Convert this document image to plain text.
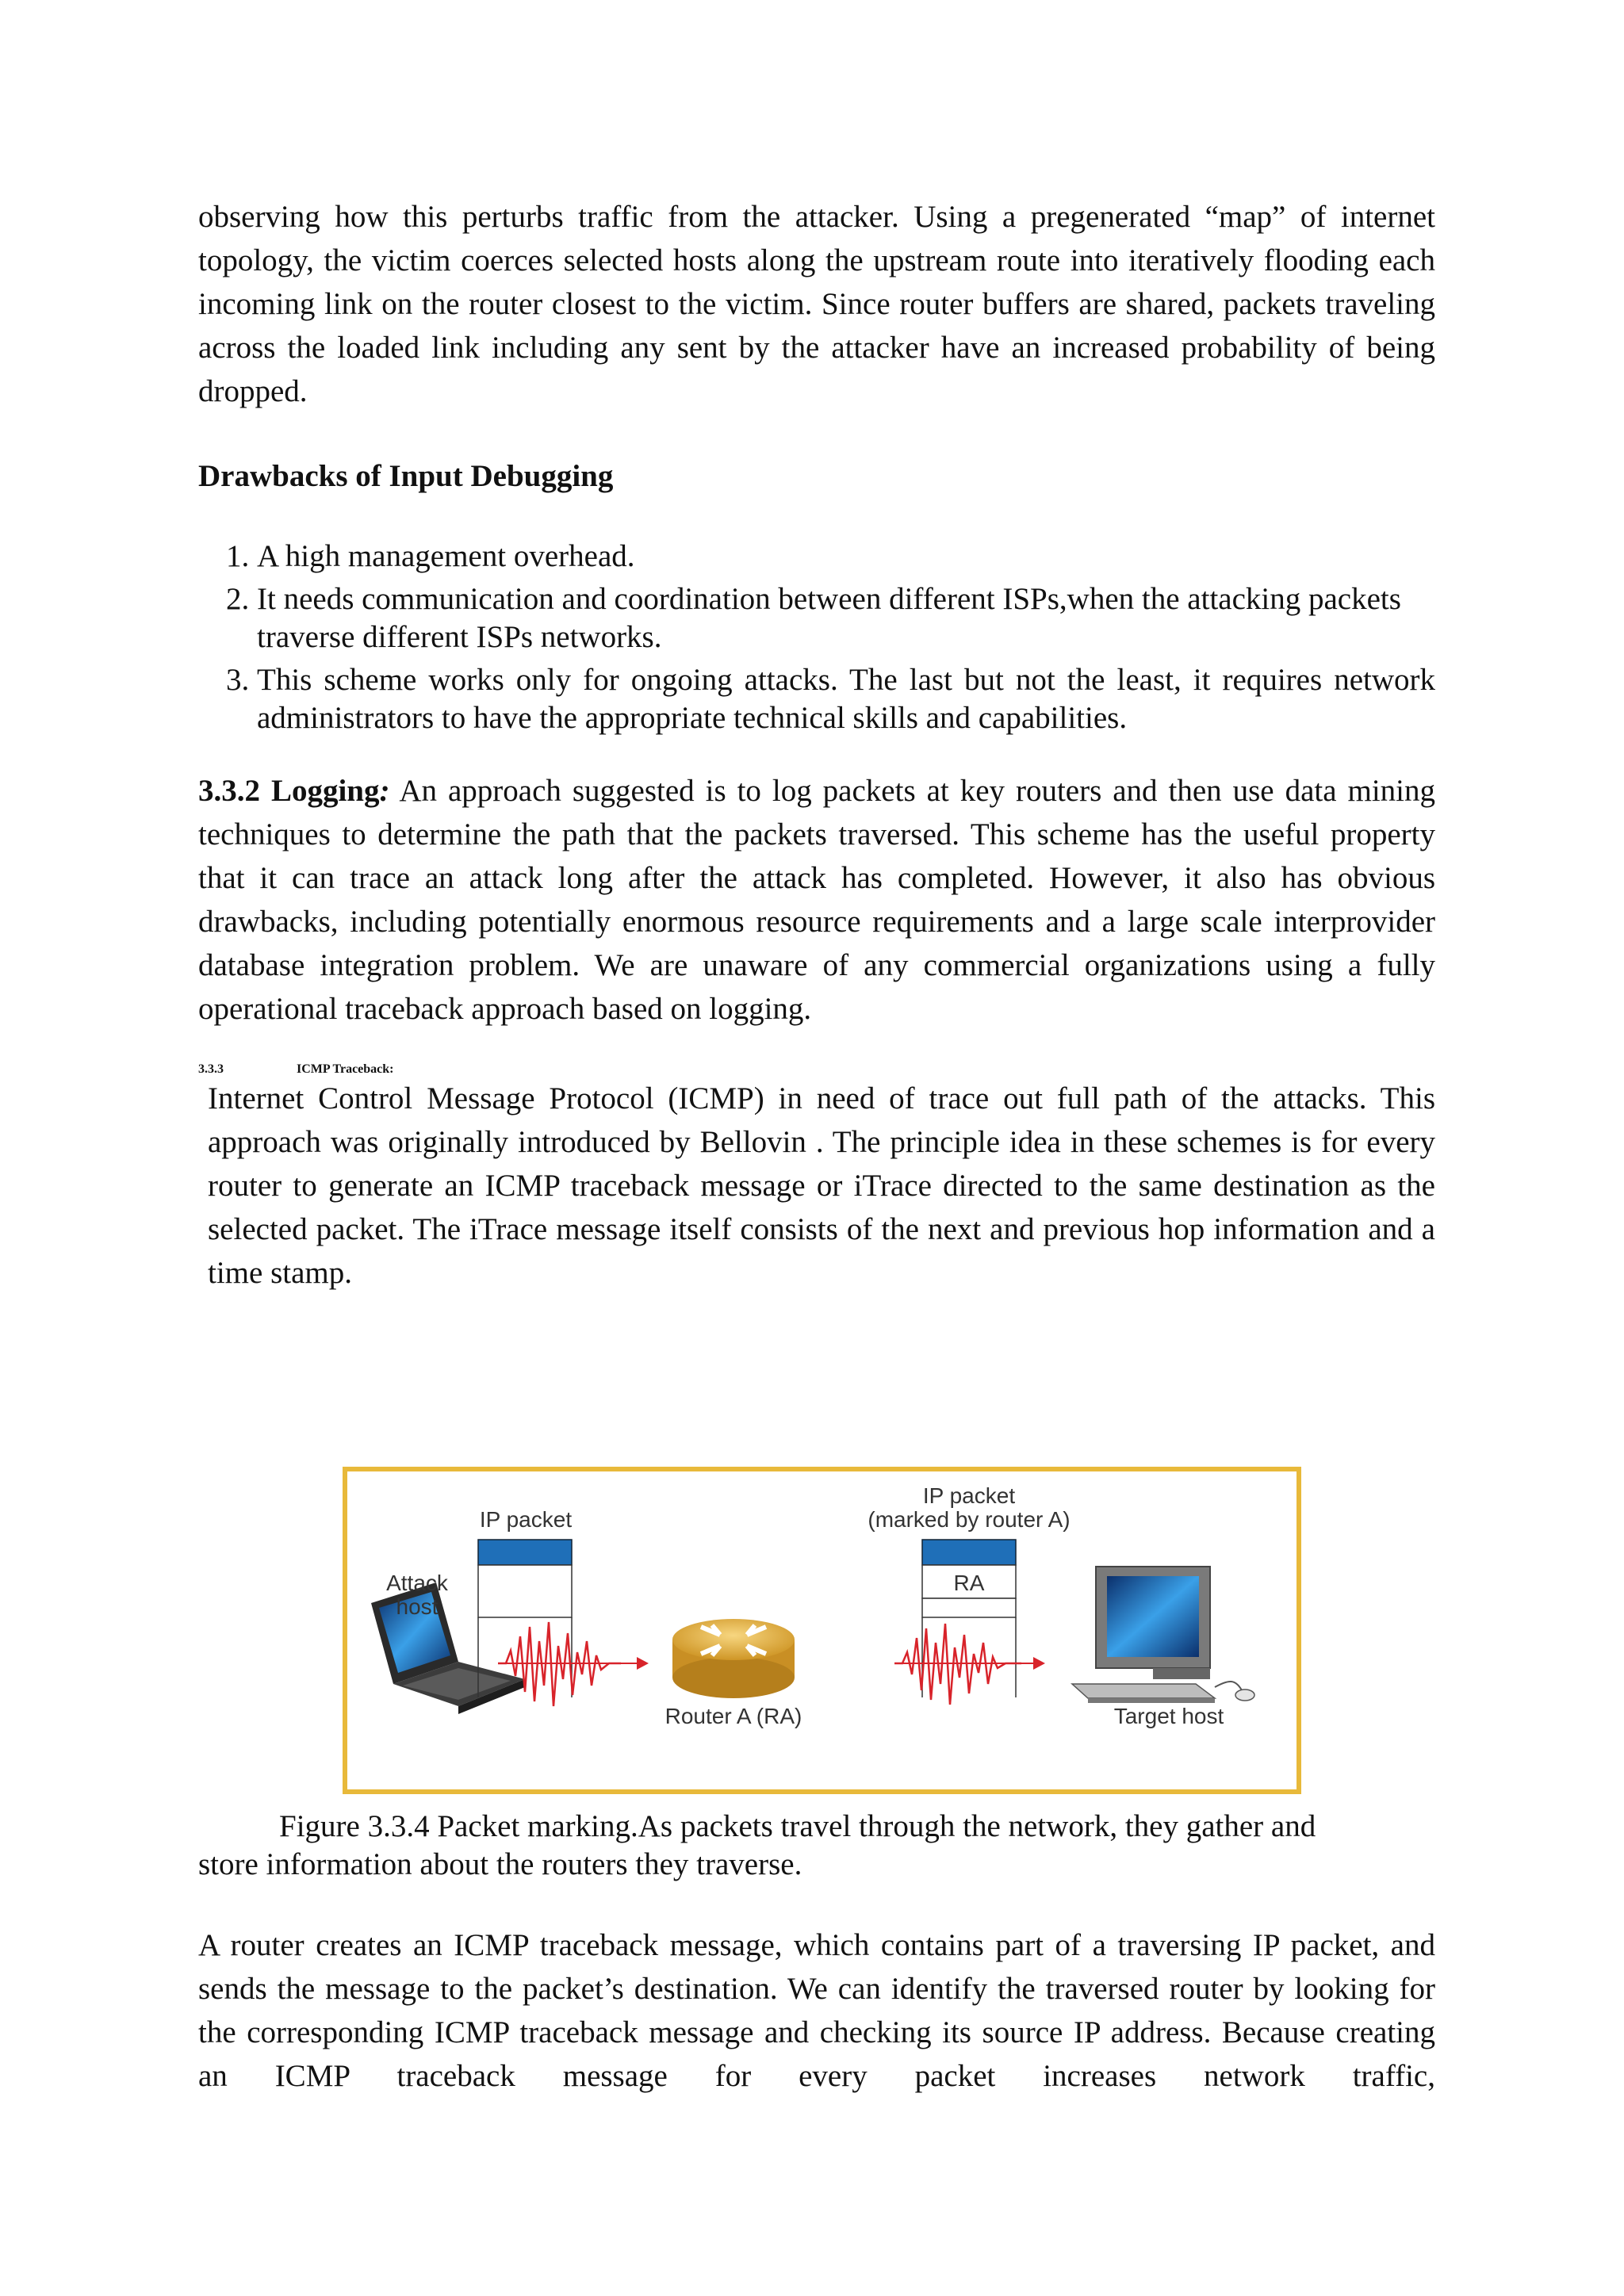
observing how this perturbs traffic from the attacker. Using a pregenerated “map” of internet topology, the victim coerces selected hosts along the upstream route into iteratively flooding each incoming link on the router closest to the victim. Since router buffers are shared, packets traveling across the loaded link including any sent by the attacker have an increased probability of being dropped.

Drawbacks of Input Debugging
1. A high management overhead.
2. It needs communication and coordination between different ISPs,when the attacking packets traverse different ISPs networks.
3. This scheme works only for ongoing attacks. The last but not the least, it requires network administrators to have the appropriate technical skills and capabilities.

3.3.2 Logging: An approach suggested is to log packets at key routers and then use data mining techniques to determine the path that the packets traversed. This scheme has the useful property that it can trace an attack long after the attack has completed. However, it also has obvious drawbacks, including potentially enormous resource requirements and a large scale interprovider database integration problem. We are unaware of any commercial organizations using a fully operational traceback approach based on logging.

3.3.3	ICMP Traceback:

Internet Control Message Protocol (ICMP) in need of trace out full path of the attacks. This approach was originally introduced by Bellovin . The principle idea in these schemes is for every router to generate an ICMP traceback message or iTrace directed to the same destination as the selected packet. The iTrace message itself consists of the next and previous hop information and a time stamp.

Attack
host
IP packet
Router A (RA)
IP packet
(marked by router A)
RA
Target host
Figure 3.3.4 Packet marking.As packets travel through the network, they gather and
store information about the routers they traverse.

A router creates an ICMP traceback message, which contains part of a traversing IP packet, and sends the message to the packet’s destination. We can identify the traversed router by looking for the corresponding ICMP traceback message and checking its source IP address. Because creating an ICMP traceback message for every packet increases network traffic,
